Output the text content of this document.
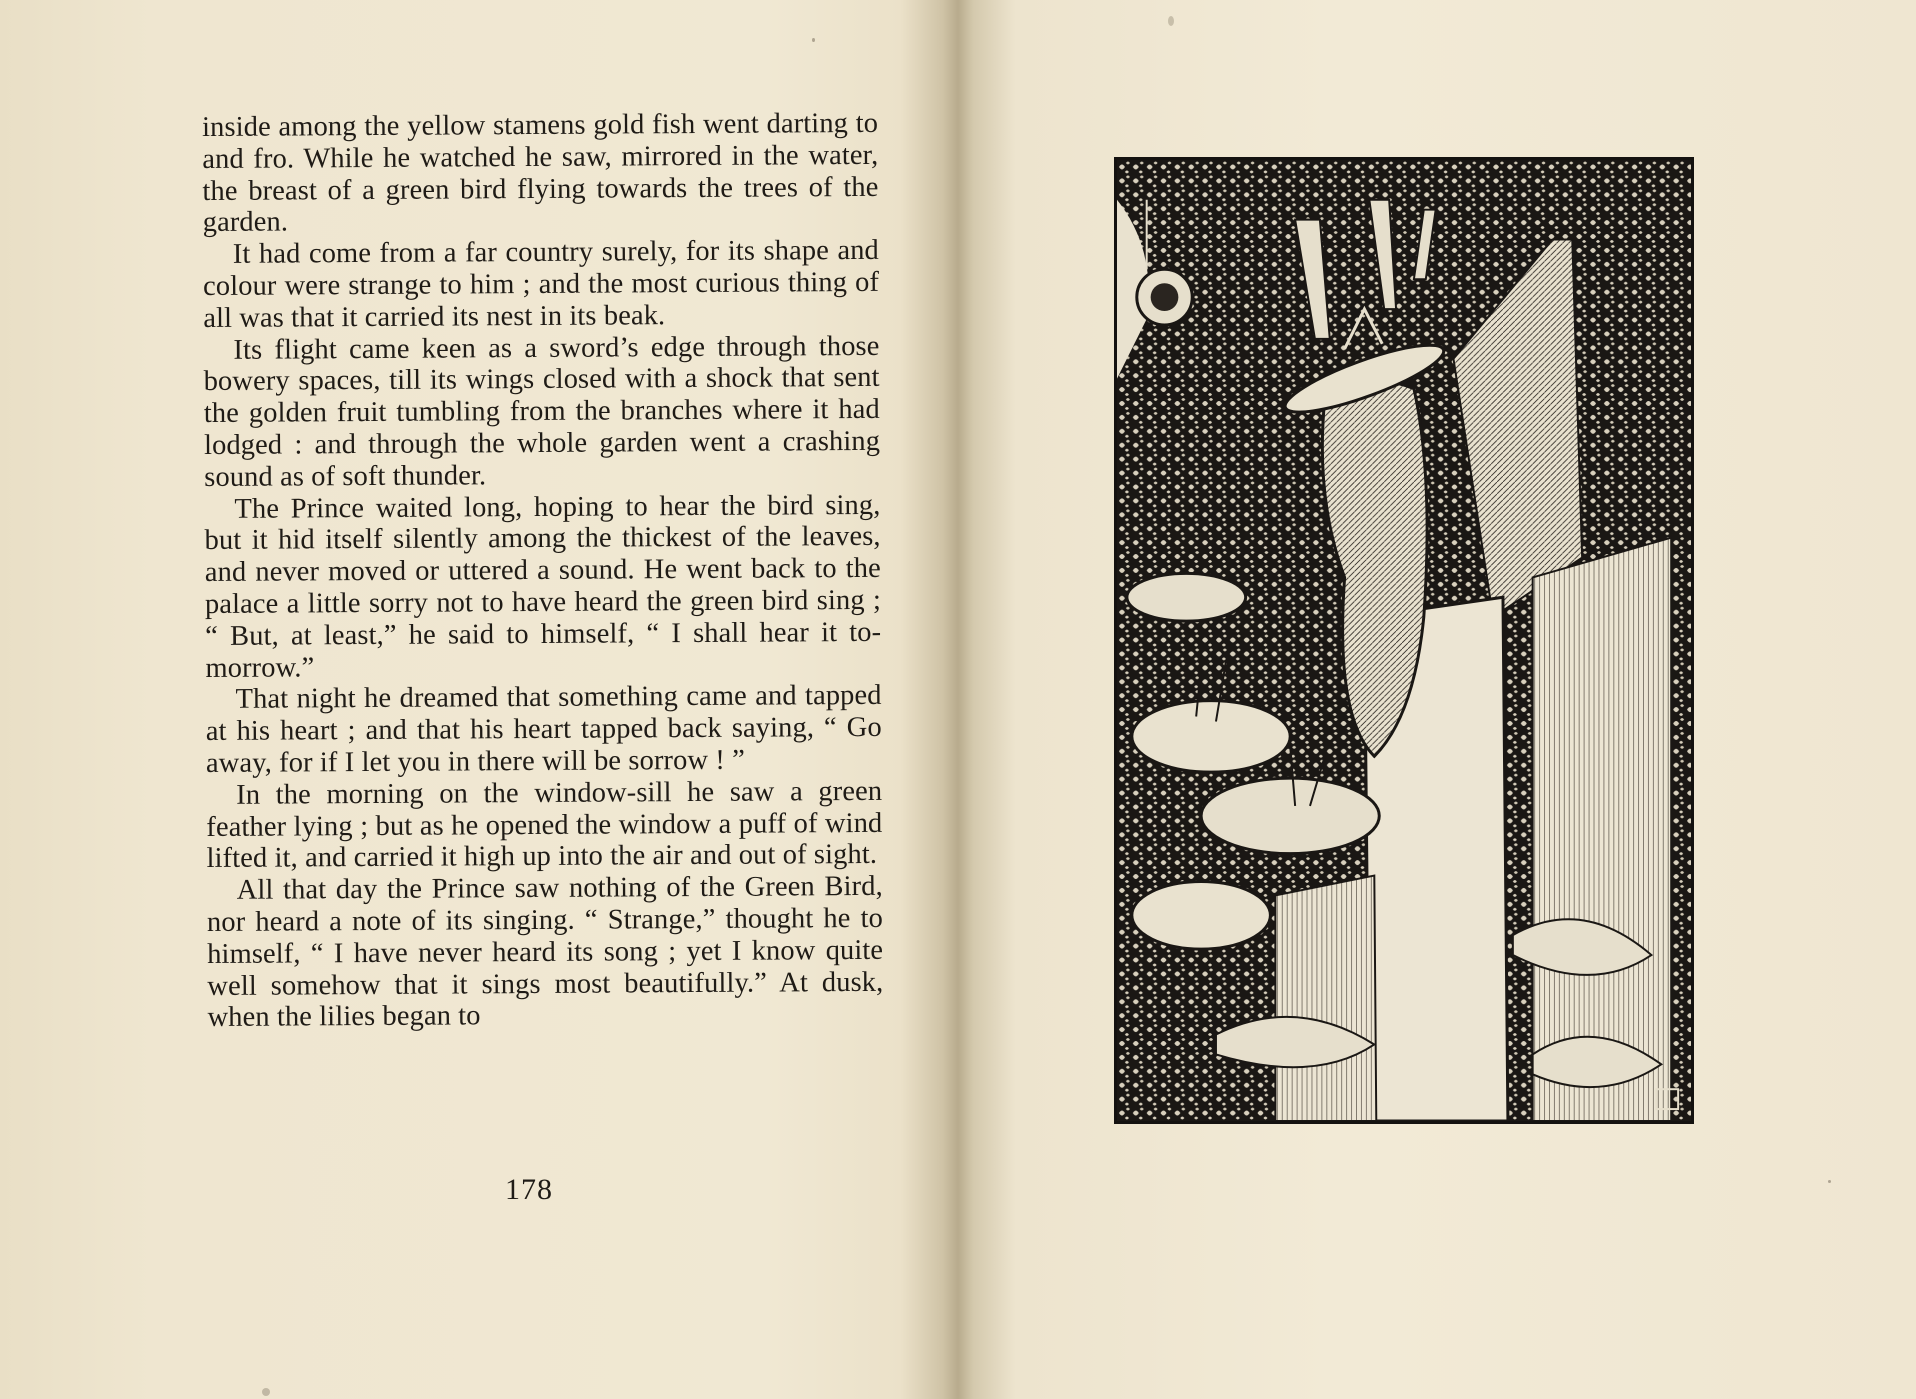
inside among the yellow stamens gold fish went darting to and fro. While he watched he saw, mirrored in the water, the breast of a green bird flying towards the trees of the garden.

It had come from a far country surely, for its shape and colour were strange to him ; and the most curious thing of all was that it carried its nest in its beak.

Its flight came keen as a sword’s edge through those bowery spaces, till its wings closed with a shock that sent the golden fruit tumbling from the branches where it had lodged : and through the whole garden went a crashing sound as of soft thunder.

The Prince waited long, hoping to hear the bird sing, but it hid itself silently among the thickest of the leaves, and never moved or uttered a sound. He went back to the palace a little sorry not to have heard the green bird sing ; “ But, at least,” he said to himself, “ I shall hear it to-morrow.”

That night he dreamed that something came and tapped at his heart ; and that his heart tapped back saying, “ Go away, for if I let you in there will be sorrow ! ”

In the morning on the window-sill he saw a green feather lying ; but as he opened the window a puff of wind lifted it, and carried it high up into the air and out of sight.

All that day the Prince saw nothing of the Green Bird, nor heard a note of its singing. “ Strange,” thought he to himself, “ I have never heard its song ; yet I know quite well somehow that it sings most beautifully.” At dusk, when the lilies began to

178
